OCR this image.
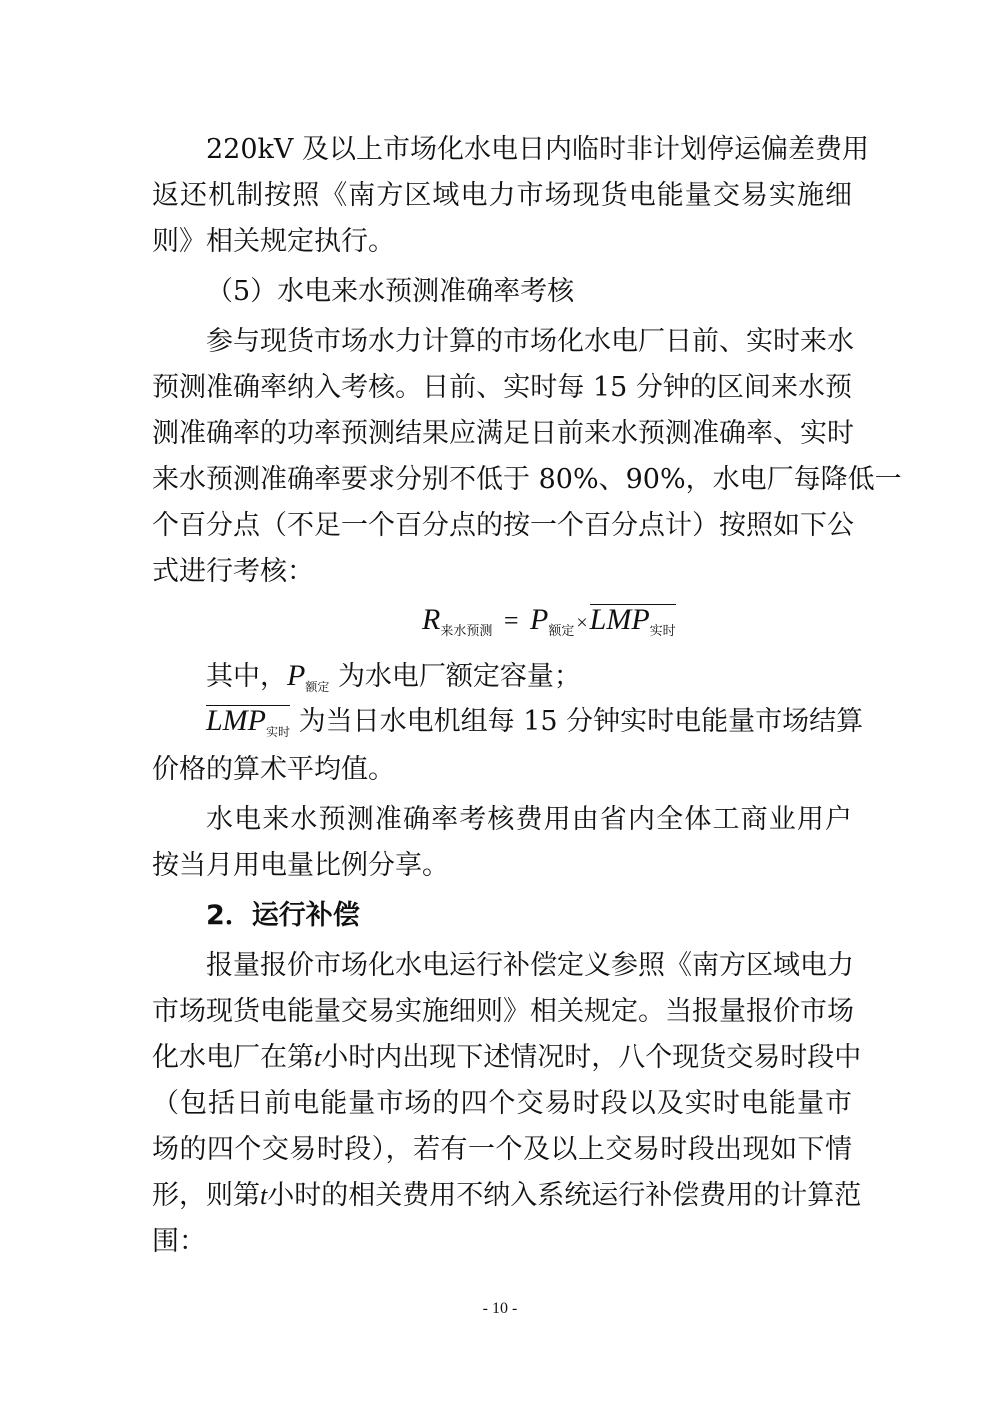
220kV 及以上市场化水电日内临时非计划停运偏差费用
返还机制按照《南方区域电力市场现货电能量交易实施细
则》相关规定执行。
（5）水电来水预测准确率考核
参与现货市场水力计算的市场化水电厂日前、实时来水
预测准确率纳入考核。日前、实时每 15 分钟的区间来水预
测准确率的功率预测结果应满足日前来水预测准确率、实时
来水预测准确率要求分别不低于 80%、90%，水电厂每降低一
个百分点（不足一个百分点的按一个百分点计）按照如下公
式进行考核：
$R_{来水预测} = P_{额定} \times LMP_{实时}$
其中，$P_{额定}$ 为水电厂额定容量；
$LMP_{实时}$ 为当日水电机组每 15 分钟实时电能量市场结算
价格的算术平均值。
水电来水预测准确率考核费用由省内全体工商业用户
按当月用电量比例分享。
2．运行补偿
报量报价市场化水电运行补偿定义参照《南方区域电力
市场现货电能量交易实施细则》相关规定。当报量报价市场
化水电厂在第t小时内出现下述情况时，八个现货交易时段中
（包括日前电能量市场的四个交易时段以及实时电能量市
场的四个交易时段），若有一个及以上交易时段出现如下情
形，则第t小时的相关费用不纳入系统运行补偿费用的计算范
围：
- 10 -
